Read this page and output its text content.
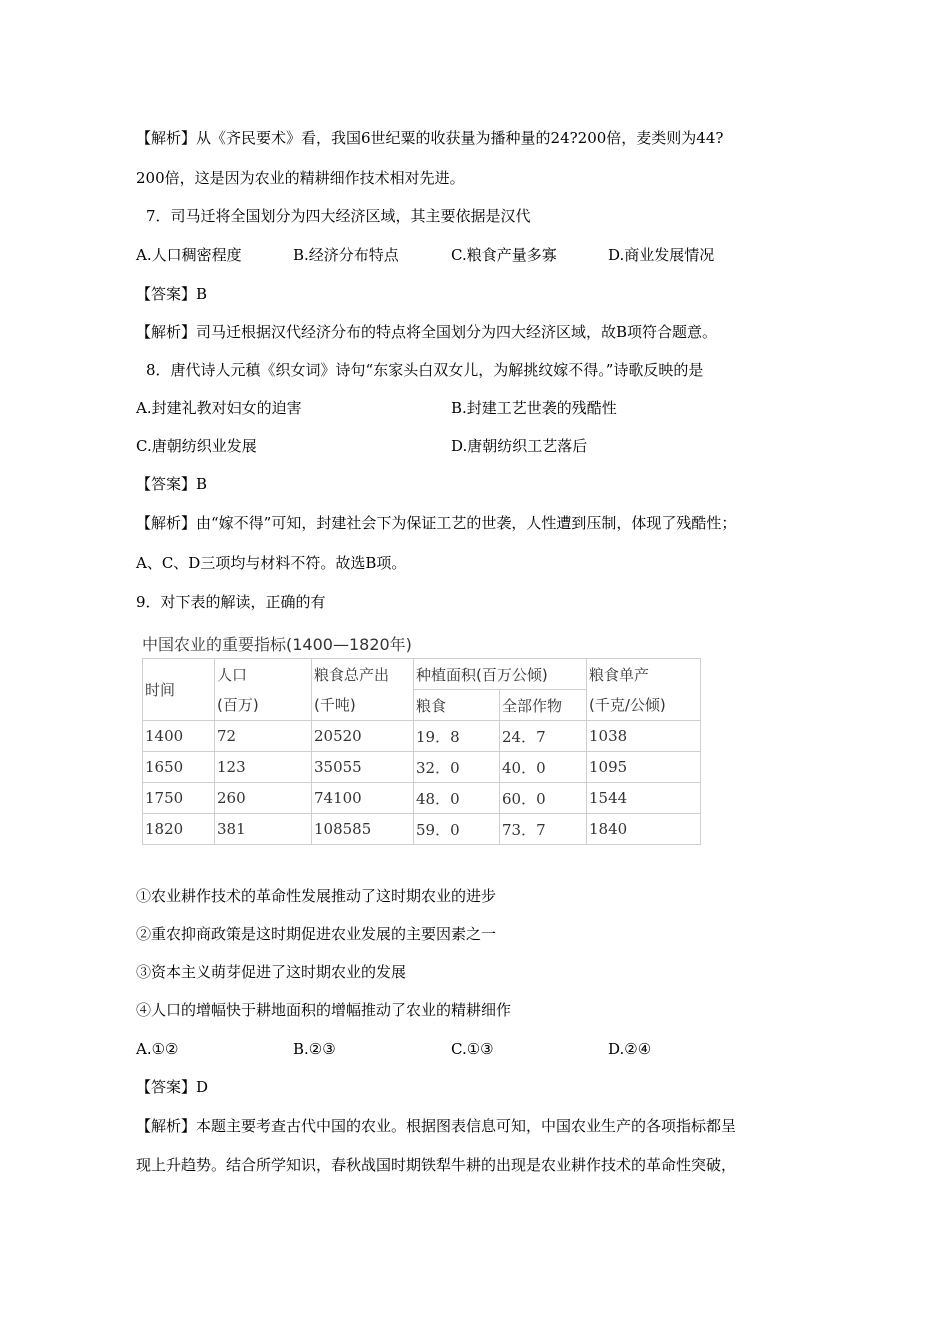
【解析】从《齐民要术》看，我国6世纪粟的收获量为播种量的24?200倍，麦类则为44?
200倍，这是因为农业的精耕细作技术相对先进。
7．司马迁将全国划分为四大经济区域，其主要依据是汉代
A.人口稠密程度	B.经济分布特点	C.粮食产量多寡	D.商业发展情况
【答案】B
【解析】司马迁根据汉代经济分布的特点将全国划分为四大经济区域，故B项符合题意。
8．唐代诗人元稹《织女词》诗句“东家头白双女儿，为解挑纹嫁不得。”诗歌反映的是
A.封建礼教对妇女的迫害	B.封建工艺世袭的残酷性
C.唐朝纺织业发展	D.唐朝纺织工艺落后
【答案】B
【解析】由“嫁不得”可知，封建社会下为保证工艺的世袭，人性遭到压制，体现了残酷性；
A、C、D三项均与材料不符。故选B项。
9．对下表的解读，正确的有
中国农业的重要指标(1400—1820年)
时间	人口	粮食总产出	种植面积(百万公倾)		粮食单产
	(百万)	(千吨)	粮食	全部作物	(千克/公倾)
1400	72	20520	19．8	24．7	1038
1650	123	35055	32．0	40．0	1095
1750	260	74100	48．0	60．0	1544
1820	381	108585	59．0	73．7	1840
①农业耕作技术的革命性发展推动了这时期农业的进步
②重农抑商政策是这时期促进农业发展的主要因素之一
③资本主义萌芽促进了这时期农业的发展
④人口的增幅快于耕地面积的增幅推动了农业的精耕细作
A.①②	B.②③	C.①③	D.②④
【答案】D
【解析】本题主要考查古代中国的农业。根据图表信息可知，中国农业生产的各项指标都呈
现上升趋势。结合所学知识，春秋战国时期铁犁牛耕的出现是农业耕作技术的革命性突破，
